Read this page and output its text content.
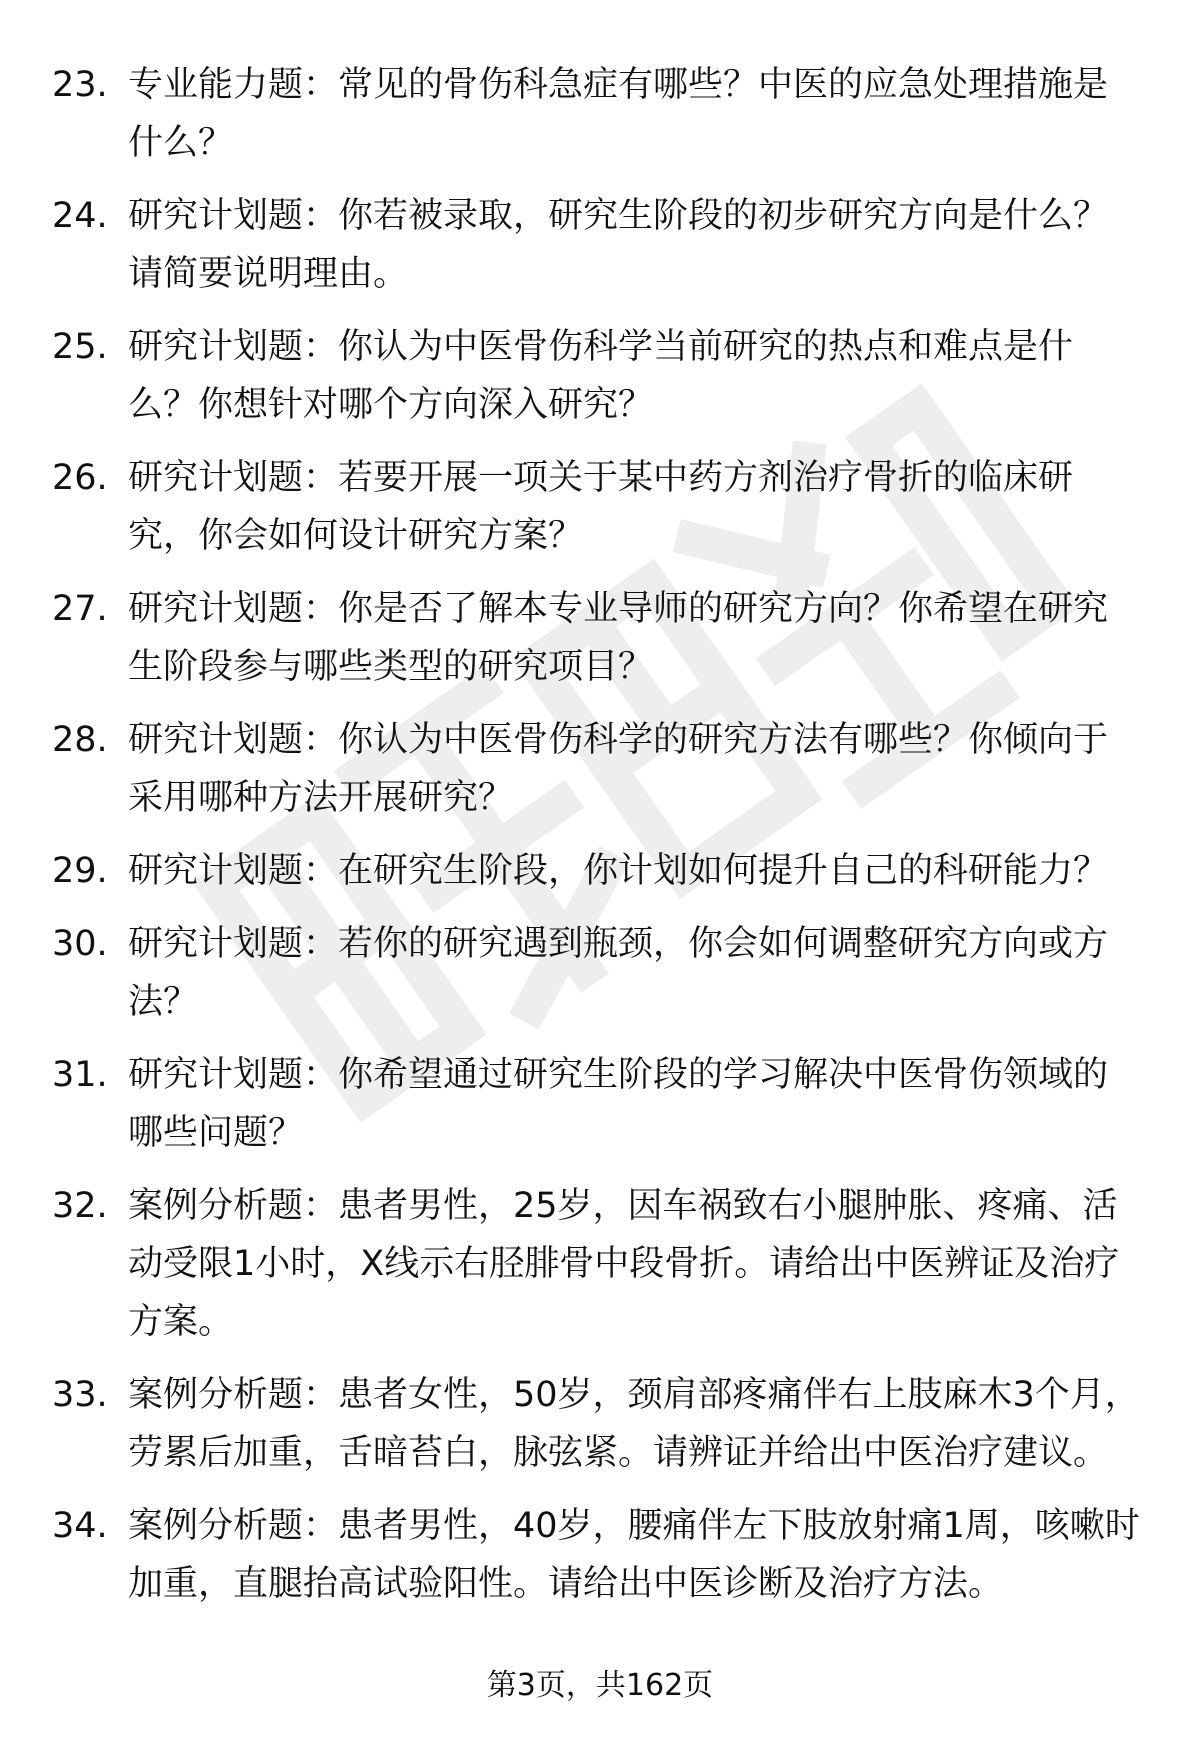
23. 专业能力题：常见的骨伤科急症有哪些？中医的应急处理措施是什么？
24. 研究计划题：你若被录取，研究生阶段的初步研究方向是什么？请简要说明理由。
25. 研究计划题：你认为中医骨伤科学当前研究的热点和难点是什么？你想针对哪个方向深入研究？
26. 研究计划题：若要开展一项关于某中药方剂治疗骨折的临床研究，你会如何设计研究方案？
27. 研究计划题：你是否了解本专业导师的研究方向？你希望在研究生阶段参与哪些类型的研究项目？
28. 研究计划题：你认为中医骨伤科学的研究方法有哪些？你倾向于采用哪种方法开展研究？
29. 研究计划题：在研究生阶段，你计划如何提升自己的科研能力？
30. 研究计划题：若你的研究遇到瓶颈，你会如何调整研究方向或方法？
31. 研究计划题：你希望通过研究生阶段的学习解决中医骨伤领域的哪些问题？
32. 案例分析题：患者男性，25岁，因车祸致右小腿肿胀、疼痛、活动受限1小时，X线示右胫腓骨中段骨折。请给出中医辨证及治疗方案。
33. 案例分析题：患者女性，50岁，颈肩部疼痛伴右上肢麻木3个月，劳累后加重，舌暗苔白，脉弦紧。请辨证并给出中医治疗建议。
34. 案例分析题：患者男性，40岁，腰痛伴左下肢放射痛1周，咳嗽时加重，直腿抬高试验阳性。请给出中医诊断及治疗方法。
第3页，共162页
